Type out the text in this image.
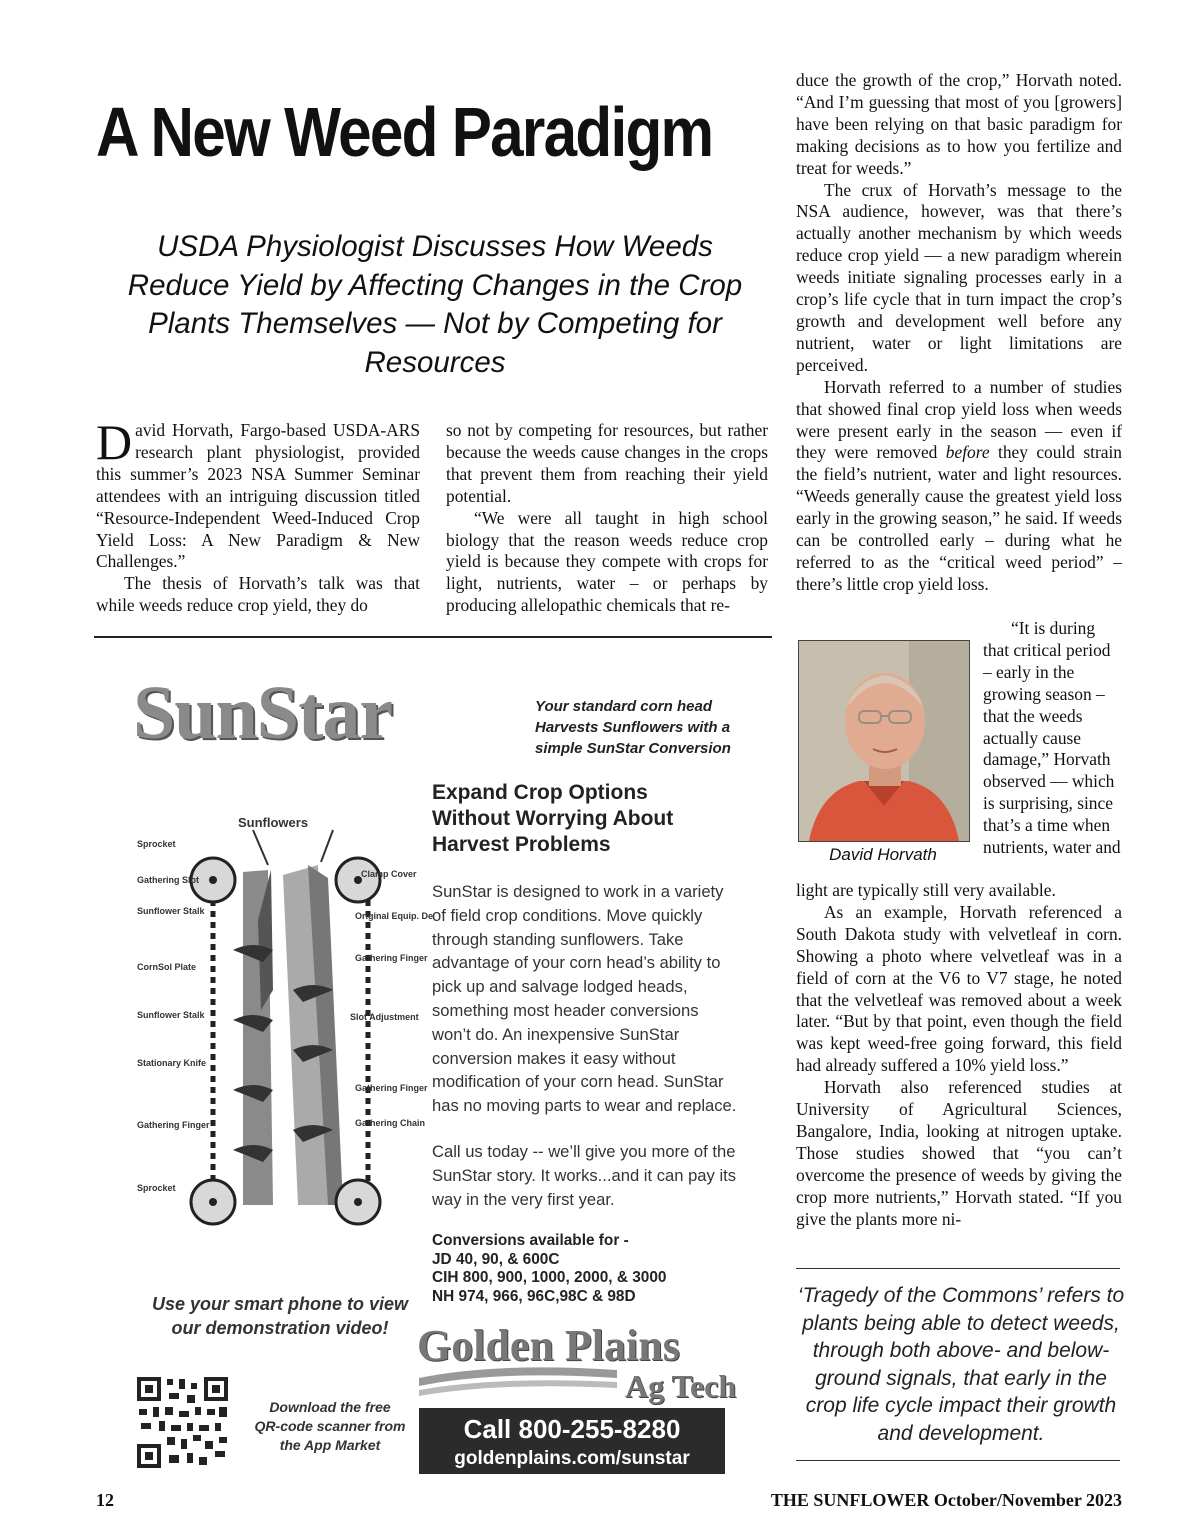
A New Weed Paradigm
USDA Physiologist Discusses How Weeds Reduce Yield by Affecting Changes in the Crop Plants Themselves — Not by Competing for Resources

David Horvath, Fargo-based USDA-ARS research plant physiologist, provided this summer’s 2023 NSA Summer Seminar attendees with an intriguing discussion titled “Resource-Independent Weed-Induced Crop Yield Loss: A New Paradigm & New Challenges.”

The thesis of Horvath’s talk was that while weeds reduce crop yield, they do

so not by competing for resources, but rather because the weeds cause changes in the crops that prevent them from reaching their yield potential.

“We were all taught in high school biology that the reason weeds reduce crop yield is because they compete with crops for light, nutrients, water – or perhaps by producing allelopathic chemicals that re-

duce the growth of the crop,” Horvath noted. “And I’m guessing that most of you [growers] have been relying on that basic paradigm for making decisions as to how you fertilize and treat for weeds.”

The crux of Horvath’s message to the NSA audience, however, was that there’s actually another mechanism by which weeds reduce crop yield — a new paradigm wherein weeds initiate signaling processes early in a crop’s life cycle that in turn impact the crop’s growth and development well before any nutrient, water or light limitations are perceived.

Horvath referred to a number of studies that showed final crop yield loss when weeds were present early in the season — even if they were removed before they could strain the field’s nutrient, water and light resources. “Weeds generally cause the greatest yield loss early in the growing season,” he said. If weeds can be controlled early – during what he referred to as the “critical weed period” – there’s little crop yield loss.

David Horvath

“It is during that critical period – early in the growing season – that the weeds actually cause damage,” Horvath observed — which is surprising, since that’s a time when nutrients, water and

light are typically still very available.

As an example, Horvath referenced a South Dakota study with velvetleaf in corn. Showing a photo where velvetleaf was in a field of corn at the V6 to V7 stage, he noted that the velvetleaf was removed about a week later. “But by that point, even though the field was kept weed-free going forward, this field had already suffered a 10% yield loss.”

Horvath also referenced studies at University of Agricultural Sciences, Bangalore, India, looking at nitrogen uptake. Those studies showed that “you can’t overcome the presence of weeds by giving the crop more nutrients,” Horvath stated. “If you give the plants more ni-

‘Tragedy of the Commons’ refers to plants being able to detect weeds, through both above- and below-ground signals, that early in the crop life cycle impact their growth and development.
SunStar	Your standard corn head
Harvests Sunflowers with a
simple SunStar Conversion
Expand Crop Options
Without Worrying About
Harvest Problems
SunStar is designed to work in a variety of field crop conditions. Move quickly through standing sunflowers. Take advantage of your corn head’s ability to pick up and salvage lodged heads, something most header conversions won’t do. An inexpensive SunStar conversion makes it easy without modification of your corn head. SunStar has no moving parts to wear and replace.
Call us today -- we’ll give you more of the SunStar story. It works...and it can pay its way in the very first year.
Conversions available for -
JD 40, 90, & 600C
CIH 800, 900, 1000, 2000, & 3000
NH 974, 966, 96C,98C & 98D
Sunflowers
Sprocket
Gathering Slot
Sunflower Stalk
CornSol Plate
Sunflower Stalk
Stationary Knife
Gathering Finger
Sprocket
Clamp Cover
Original Equip. De
Gathering Finger
Slot Adjustment
Gathering Finger
Gathering Chain
Use your smart phone to view
our demonstration video!
Download the free
QR-code scanner from
the App Market
Golden Plains
Ag Tech
Call 800-255-8280
goldenplains.com/sunstar
12	THE SUNFLOWER October/November 2023
